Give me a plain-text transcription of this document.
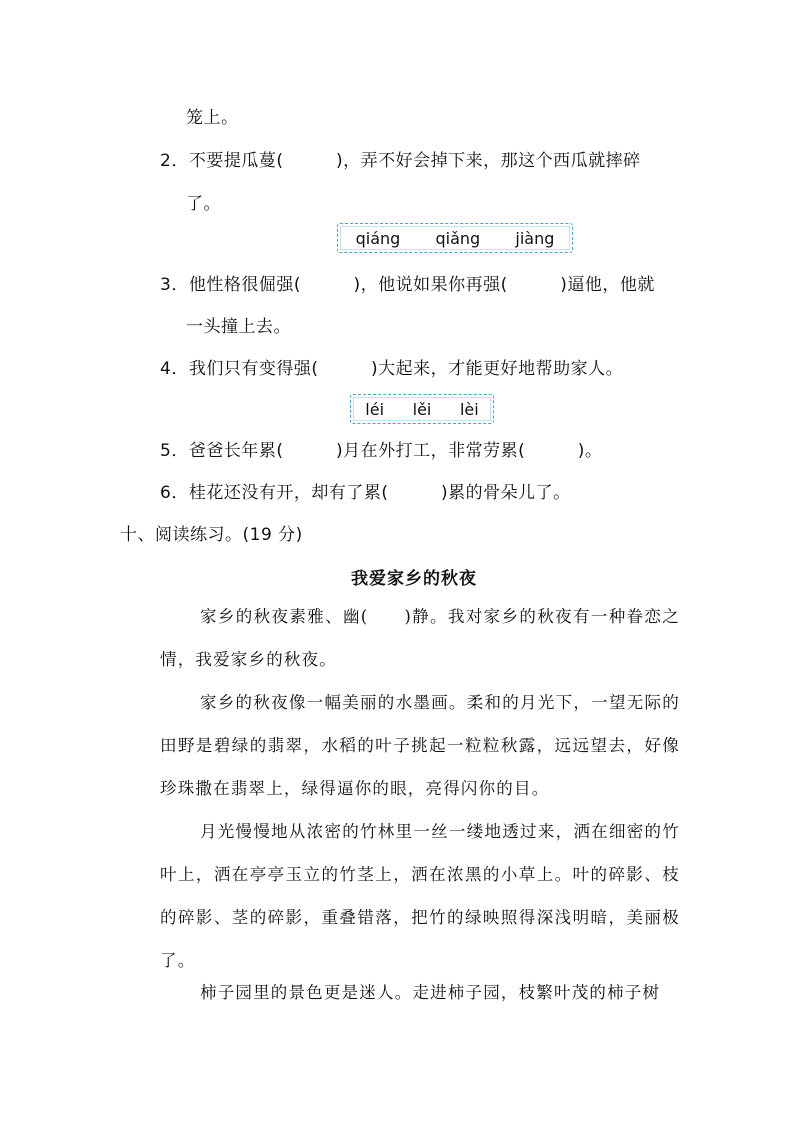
笼上。
2．不要提瓜蔓(　　　)，弄不好会掉下来，那这个西瓜就摔碎
了。
qiáng qiǎng jiàng
3．他性格很倔强(　　　)，他说如果你再强(　　　)逼他，他就
一头撞上去。
4．我们只有变得强(　　　)大起来，才能更好地帮助家人。
léi lěi lèi
5．爸爸长年累(　　　)月在外打工，非常劳累(　　　)。
6．桂花还没有开，却有了累(　　　)累的骨朵儿了。
十、阅读练习。(19 分)
我爱家乡的秋夜
家乡的秋夜素雅、幽(　　)静。我对家乡的秋夜有一种眷恋之情，我爱家乡的秋夜。
家乡的秋夜像一幅美丽的水墨画。柔和的月光下，一望无际的田野是碧绿的翡翠，水稻的叶子挑起一粒粒秋露，远远望去，好像珍珠撒在翡翠上，绿得逼你的眼，亮得闪你的目。
月光慢慢地从浓密的竹林里一丝一缕地透过来，洒在细密的竹叶上，洒在亭亭玉立的竹茎上，洒在浓黑的小草上。叶的碎影、枝的碎影、茎的碎影，重叠错落，把竹的绿映照得深浅明暗，美丽极了。
柿子园里的景色更是迷人。走进柿子园，枝繁叶茂的柿子树
